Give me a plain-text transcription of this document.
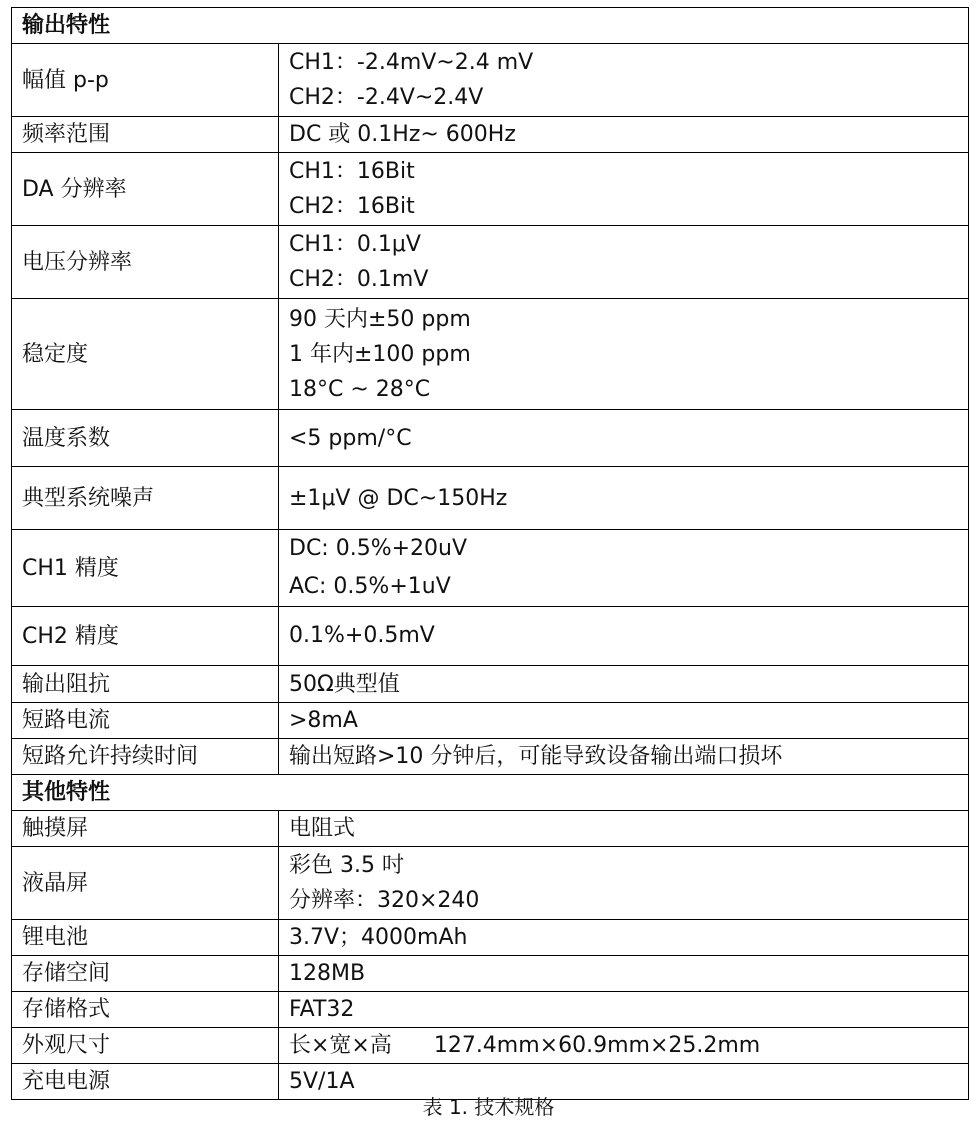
输出特性	
幅值 p-p	CH1：-2.4mV~2.4 mV
CH2：-2.4V~2.4V

频率范围	DC 或 0.1Hz~ 600Hz

DA 分辨率	CH1：16Bit
CH2：16Bit

电压分辨率	CH1：0.1μV
CH2：0.1mV

稳定度	90 天内±50 ppm
1 年内±100 ppm
18°C ~ 28°C

温度系数	<5 ppm/°C

典型系统噪声	±1μV @ DC~150Hz

CH1 精度	DC: 0.5%+20uV
AC: 0.5%+1uV

CH2 精度	0.1%+0.5mV

输出阻抗	50Ω典型值

短路电流	>8mA

短路允许持续时间	输出短路>10 分钟后，可能导致设备输出端口损坏

其他特性	
触摸屏	电阻式

液晶屏	彩色 3.5 吋
分辨率：320×240

锂电池	3.7V；4000mAh

存储空间	128MB

存储格式	FAT32

外观尺寸	长×宽×高      127.4mm×60.9mm×25.2mm

充电电源	5V/1A
表 1. 技术规格
